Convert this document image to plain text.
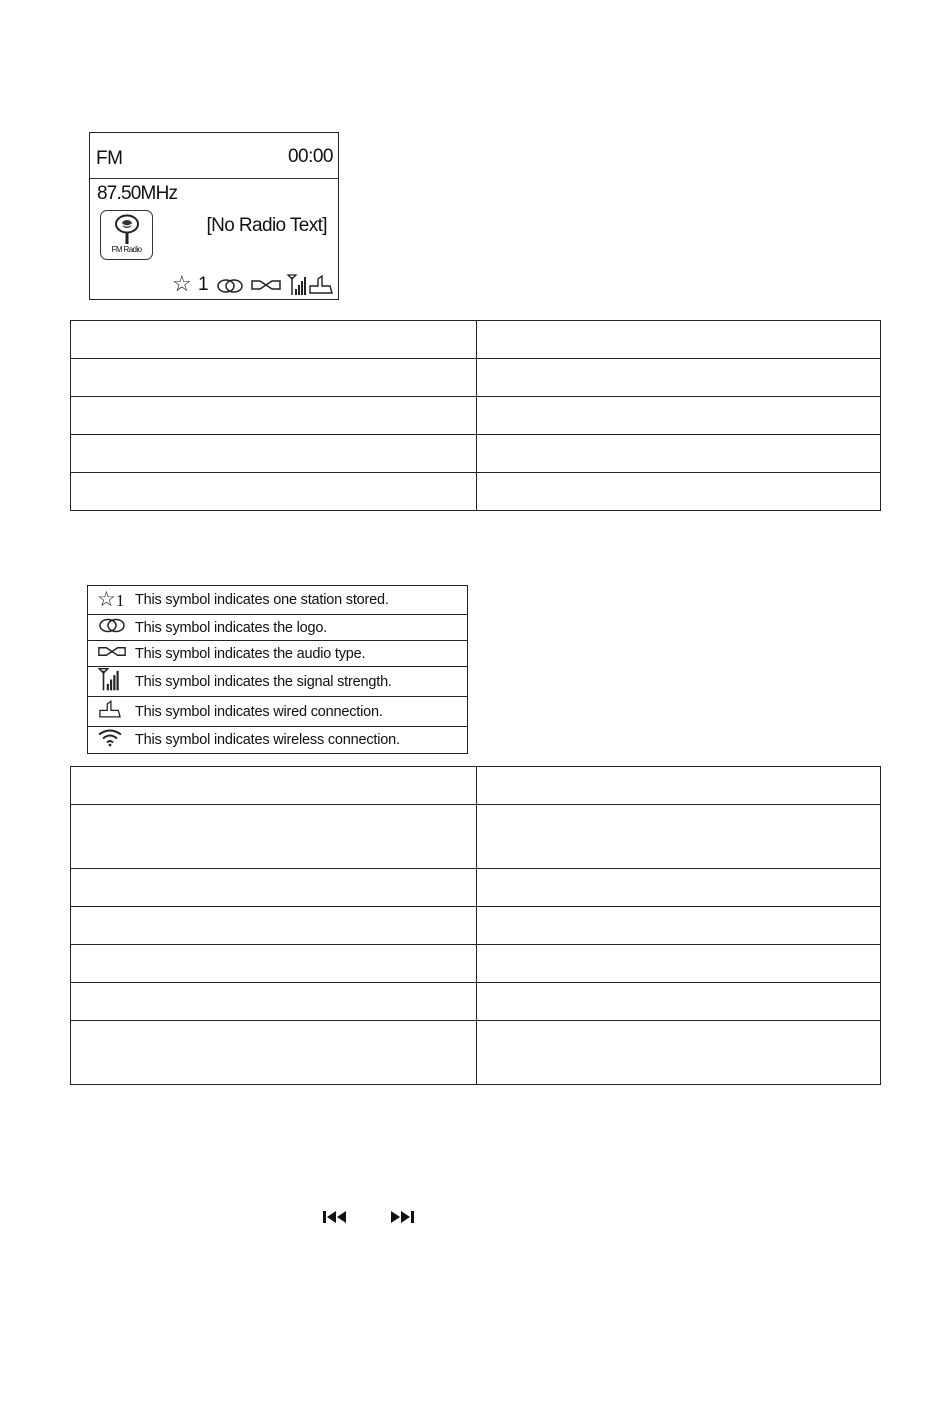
FM	00:00
87.50MHz
[No Radio Text]
FM Radio
☆ 1

☆1 This symbol indicates one station stored.
This symbol indicates the logo.
This symbol indicates the audio type.
This symbol indicates the signal strength.
This symbol indicates wired connection.
This symbol indicates wireless connection.
